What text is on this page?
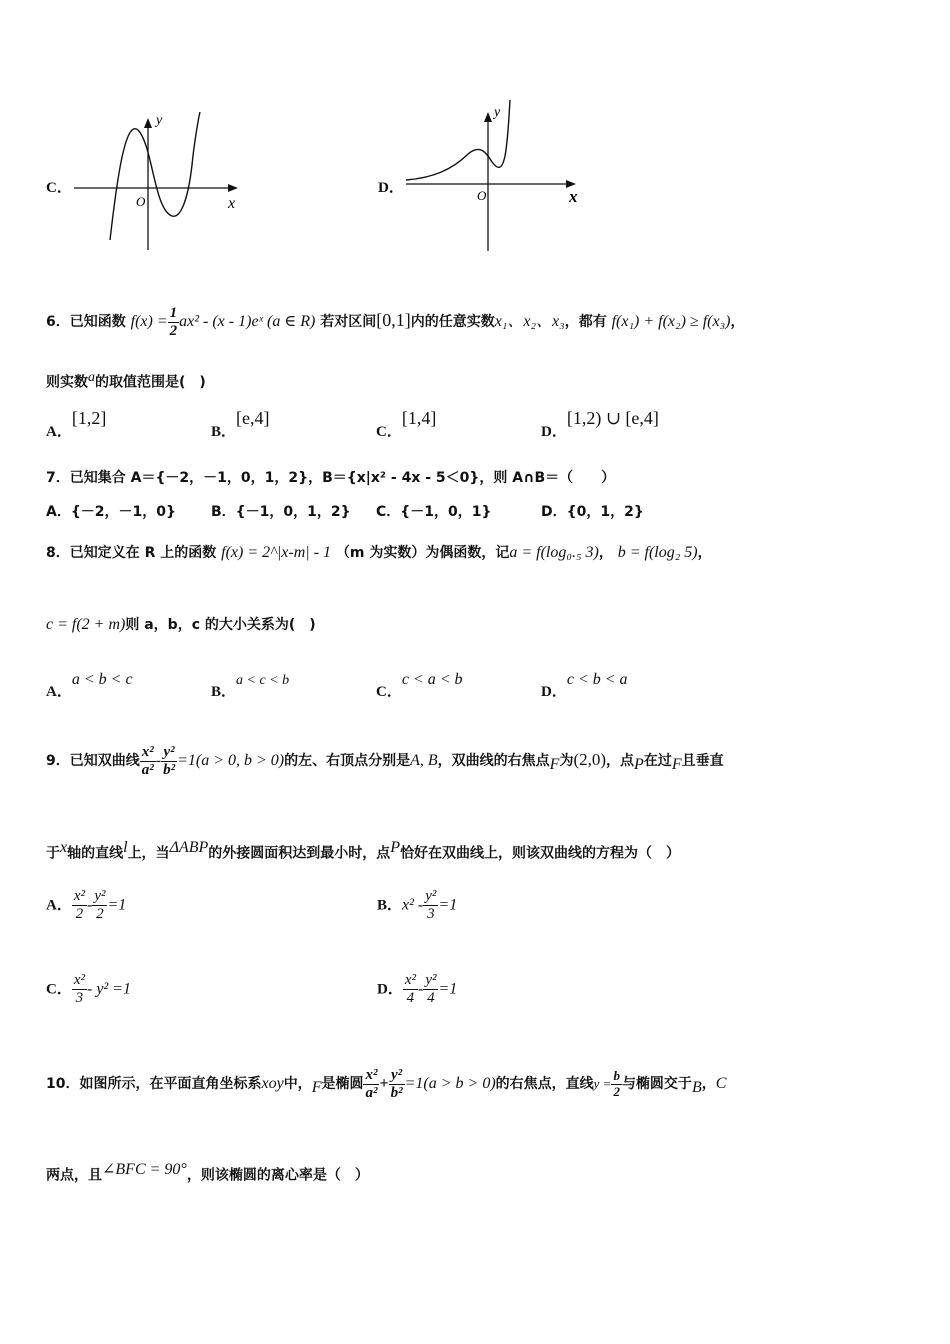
C．
y
x
O
D．
y
x
O
6．已知函数 $f(x) = \frac{1}{2} ax^2 - (x$ - 1)eˣ (a ∈ R) 若对区间[0,1]内的任意实数x₁、x₂、x₃，都有 f(x₁) + f(x₂) ≥ f(x₃)，
则实数$^a$的取值范围是(　)
A．[1,2]
B．[e,4]
C．[1,4]
D．[1,2) ∪ [e,4]
7．已知集合 A＝{－2，－1，0，1，2}，B＝{x|x² - 4x - 5＜0}，则 A∩B＝（　　）
A．{－2，－1，0} B．{－1，0，1，2} C．{－1，0，1}	D．{0，1，2}
8．已知定义在 R 上的函数 f(x) = 2^|x-m| - 1 （m 为实数）为偶函数，记a = f(log₀.₅ 3)， b = f(log₂ 5)，
c = f(2 + m)则 a，b，c 的大小关系为(　)
A．a < b < c
B．a < c < b
C．c < a < b
D．c < b < a
9．已知双曲线 $\frac{\text{x²}}{\text{a²}} - \frac{\text{y²}}{\text{b²}} =1(a > 0$, b > 0)的左、右顶点分别是A, B，双曲线的右焦点$_F$为(2,0)，点$_P$在过$_F$且垂直
于$^x$轴的直线$^l$上，当$^{\Delta ABP}$的外接圆面积达到最小时，点$^P$恰好在双曲线上，则该双曲线的方程为（　）
A． $\frac{\text{x²}}{2} - \frac{\text{y²}}{2} =1$	B．$x^2 - \frac{\text{y²}}{3} =1$
C． $\frac{\text{x²}}{3} - y^2 =1$	D． $\frac{\text{x²}}{4} - \frac{\text{y²}}{4} =1$
10．如图所示，在平面直角坐标系xoy中，$_F$是椭圆 $\frac{\text{x²}}{\text{a²}} + \frac{\text{y²}}{\text{b²}} =1(a > b > 0)$的右焦点，直线$y = \frac{b}{2}$ 与椭圆交于$_B$，C
两点，且$^{\angle BFC = 90^\circ}$，则该椭圆的离心率是（　）
